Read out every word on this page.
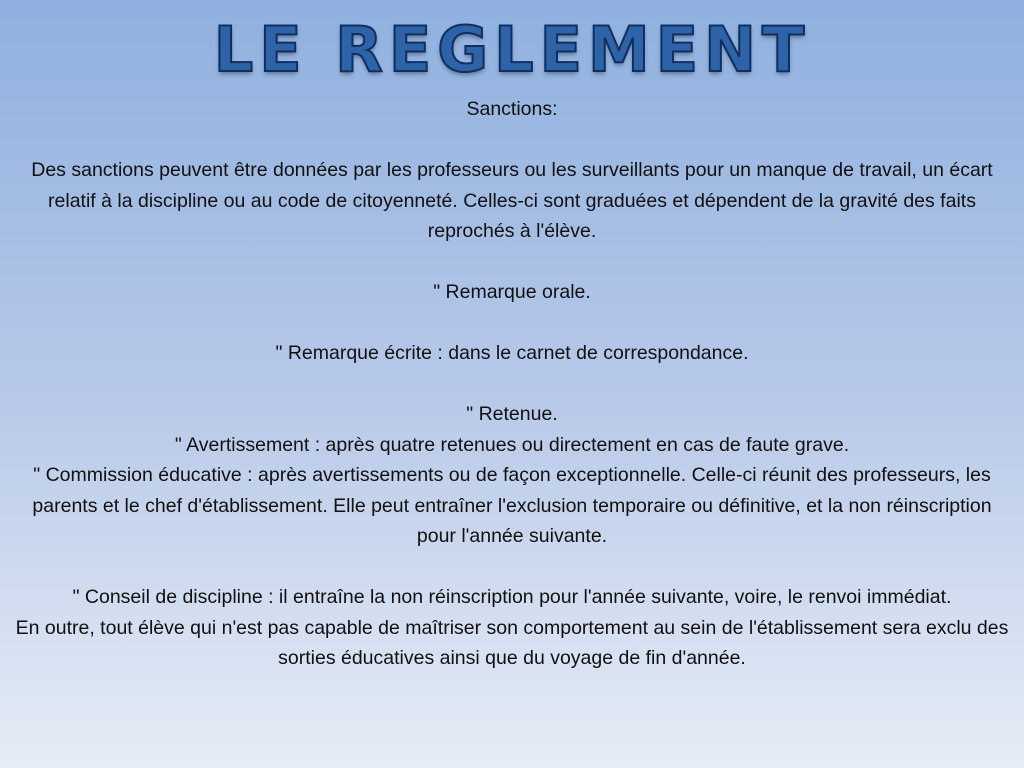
LE REGLEMENT

Sanctions:

Des sanctions peuvent être données par les professeurs ou les surveillants pour un manque de travail, un écart relatif à la discipline ou au code de citoyenneté. Celles-ci sont graduées et dépendent de la gravité des faits reprochés à l'élève.

" Remarque orale.

" Remarque écrite : dans le carnet de correspondance.

" Retenue.

" Avertissement : après quatre retenues ou directement en cas de faute grave.

" Commission éducative : après avertissements ou de façon exceptionnelle. Celle-ci réunit des professeurs, les parents et le chef d'établissement. Elle peut entraîner l'exclusion temporaire ou définitive, et la non réinscription pour l'année suivante.

" Conseil de discipline : il entraîne la non réinscription pour l'année suivante, voire, le renvoi immédiat.

En outre, tout élève qui n'est pas capable de maîtriser son comportement au sein de l'établissement sera exclu des sorties éducatives ainsi que du voyage de fin d'année.
